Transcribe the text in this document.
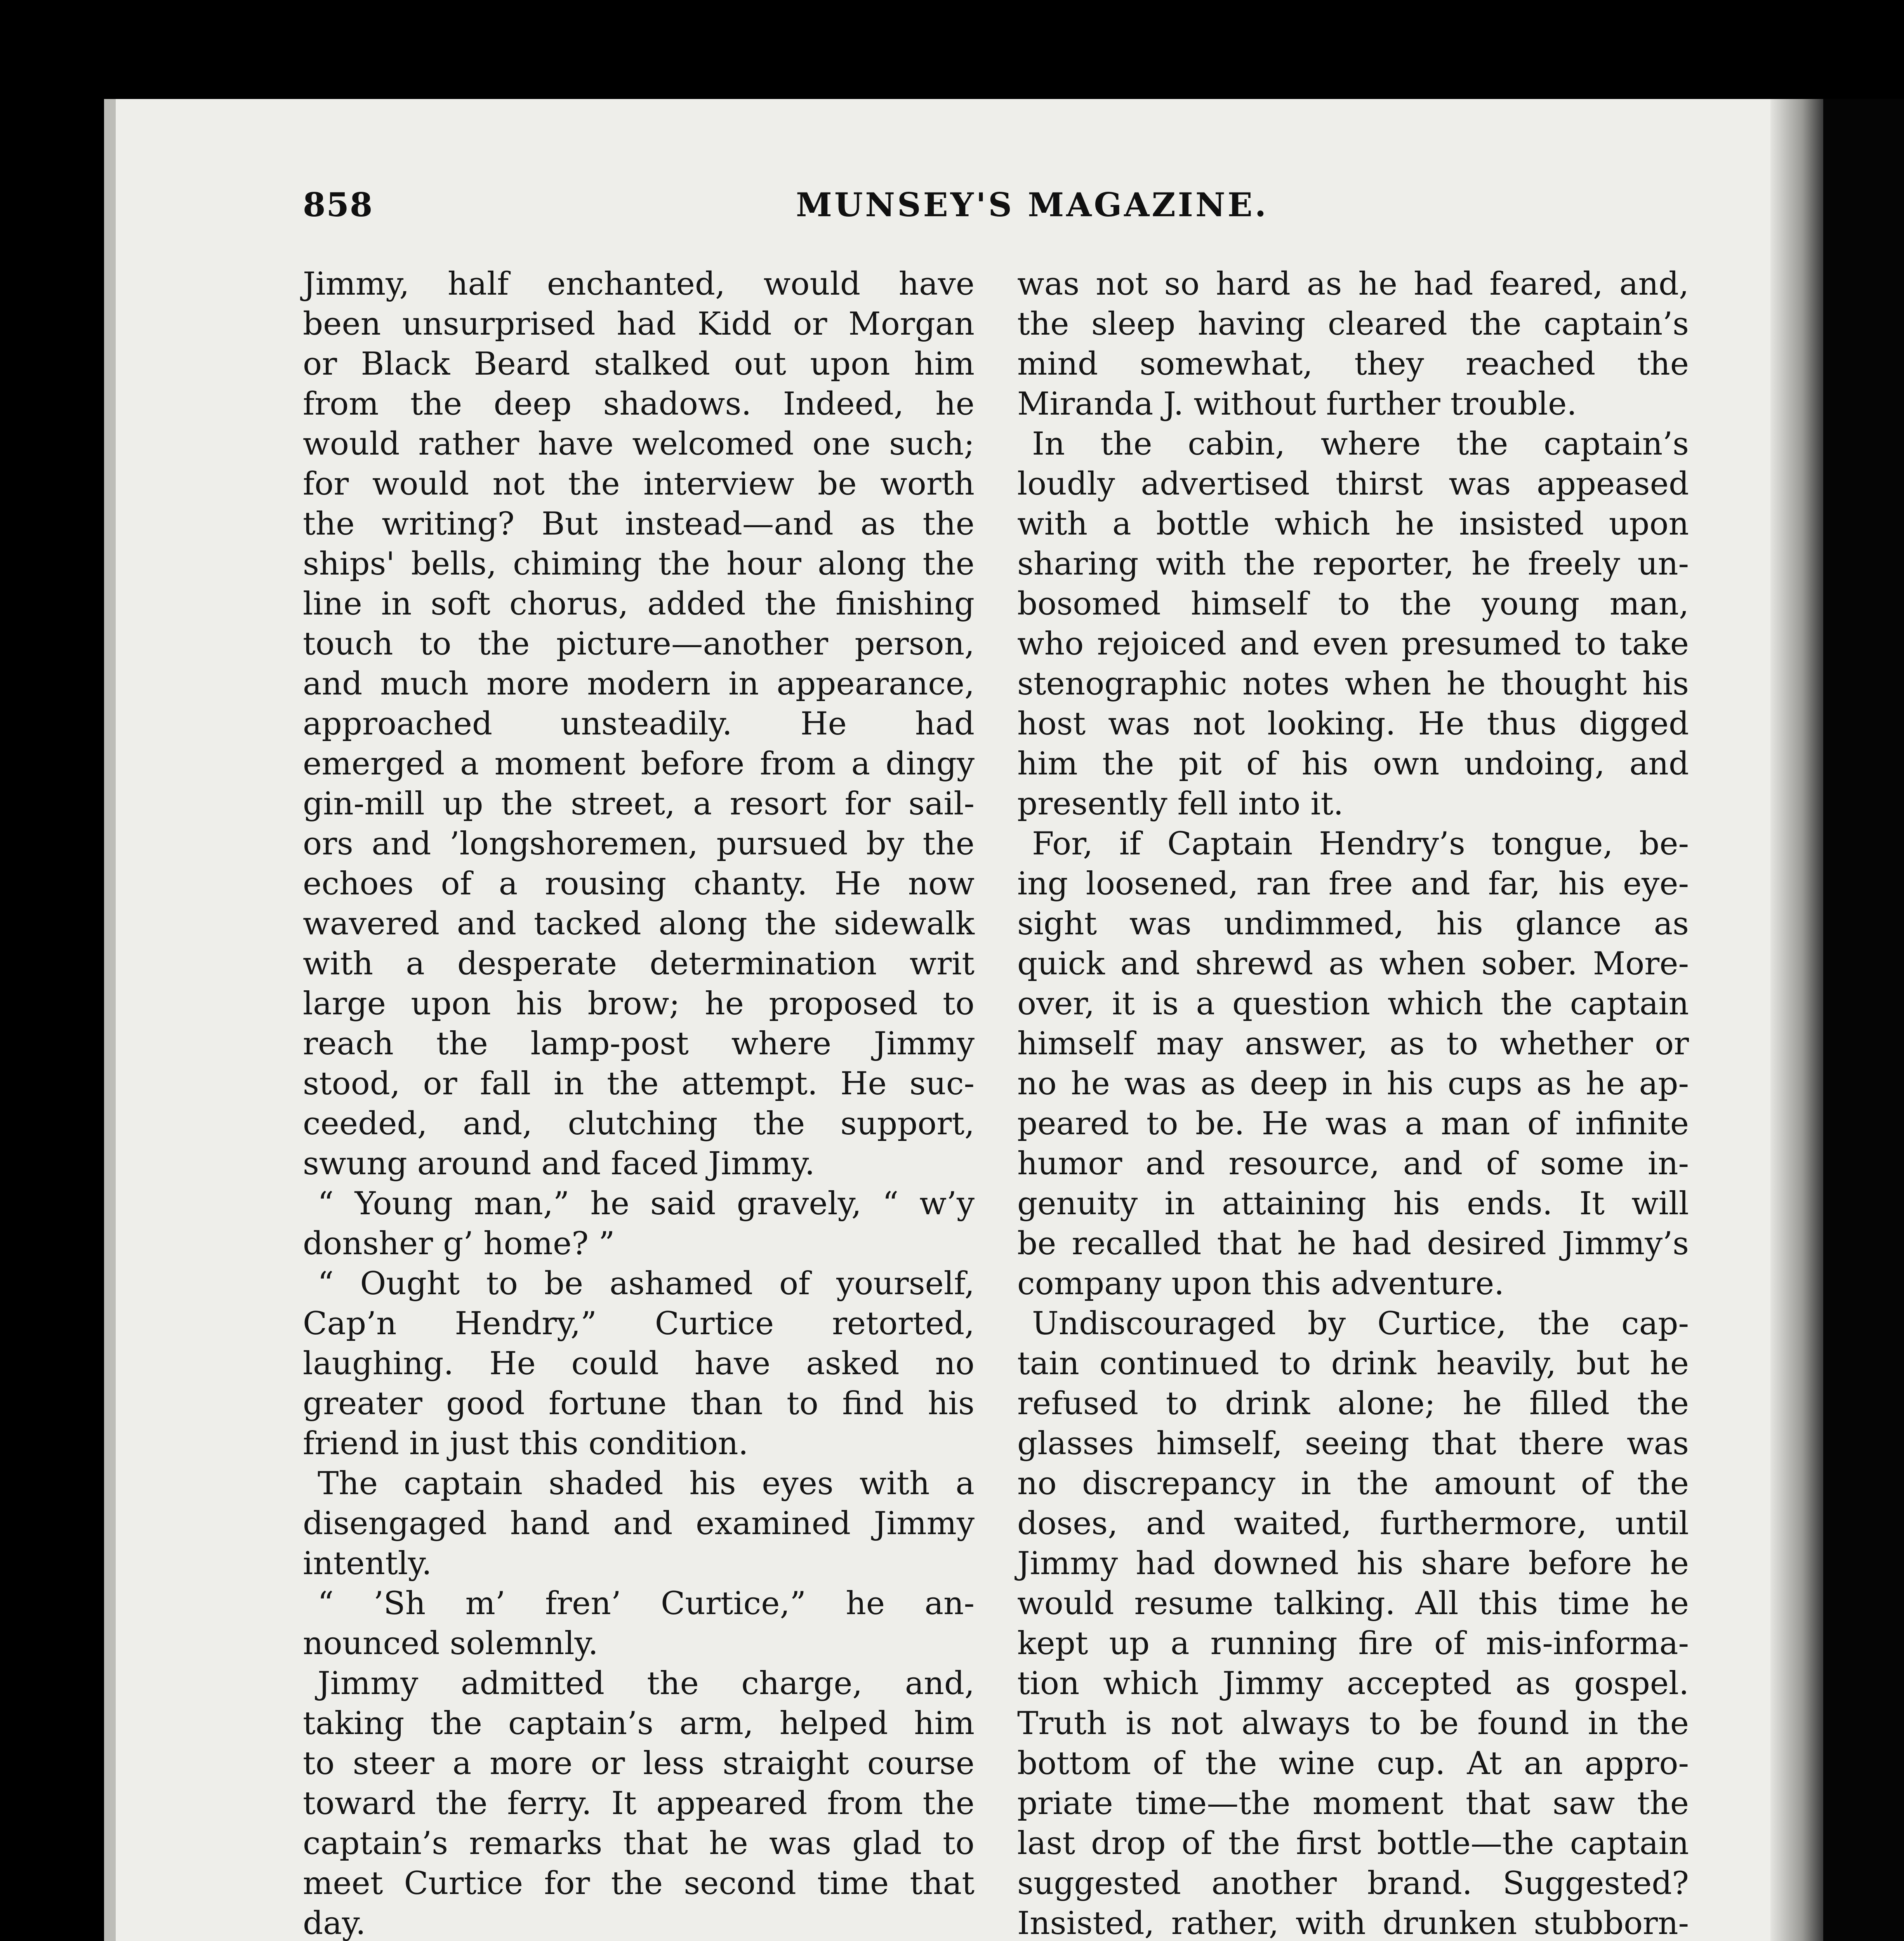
858	MUNSEY'S MAGAZINE.
Jimmy, half enchanted, would have
been unsurprised had Kidd or Morgan
or Black Beard stalked out upon him
from the deep shadows. Indeed, he
would rather have welcomed one such;
for would not the interview be worth
the writing? But instead—and as the
ships' bells, chiming the hour along the
line in soft chorus, added the finishing
touch to the picture—another person,
and much more modern in appearance,
approached unsteadily. He had
emerged a moment before from a dingy
gin-mill up the street, a resort for sail-
ors and ’longshoremen, pursued by the
echoes of a rousing chanty. He now
wavered and tacked along the sidewalk
with a desperate determination writ
large upon his brow; he proposed to
reach the lamp-post where Jimmy
stood, or fall in the attempt. He suc-
ceeded, and, clutching the support,
swung around and faced Jimmy.
“ Young man,” he said gravely, “ w’y
donsher g’ home? ”
“ Ought to be ashamed of yourself,
Cap’n Hendry,” Curtice retorted,
laughing. He could have asked no
greater good fortune than to find his
friend in just this condition.
The captain shaded his eyes with a
disengaged hand and examined Jimmy
intently.
“ ’Sh m’ fren’ Curtice,” he an-
nounced solemnly.
Jimmy admitted the charge, and,
taking the captain’s arm, helped him
to steer a more or less straight course
toward the ferry. It appeared from the
captain’s remarks that he was glad to
meet Curtice for the second time that
day.
was not so hard as he had feared, and,
the sleep having cleared the captain’s
mind somewhat, they reached the
Miranda J. without further trouble.
In the cabin, where the captain’s
loudly advertised thirst was appeased
with a bottle which he insisted upon
sharing with the reporter, he freely un-
bosomed himself to the young man,
who rejoiced and even presumed to take
stenographic notes when he thought his
host was not looking. He thus digged
him the pit of his own undoing, and
presently fell into it.
For, if Captain Hendry’s tongue, be-
ing loosened, ran free and far, his eye-
sight was undimmed, his glance as
quick and shrewd as when sober. More-
over, it is a question which the captain
himself may answer, as to whether or
no he was as deep in his cups as he ap-
peared to be. He was a man of infinite
humor and resource, and of some in-
genuity in attaining his ends. It will
be recalled that he had desired Jimmy’s
company upon this adventure.
Undiscouraged by Curtice, the cap-
tain continued to drink heavily, but he
refused to drink alone; he filled the
glasses himself, seeing that there was
no discrepancy in the amount of the
doses, and waited, furthermore, until
Jimmy had downed his share before he
would resume talking. All this time he
kept up a running fire of mis-informa-
tion which Jimmy accepted as gospel.
Truth is not always to be found in the
bottom of the wine cup. At an appro-
priate time—the moment that saw the
last drop of the first bottle—the captain
suggested another brand. Suggested?
Insisted, rather, with drunken stubborn-
